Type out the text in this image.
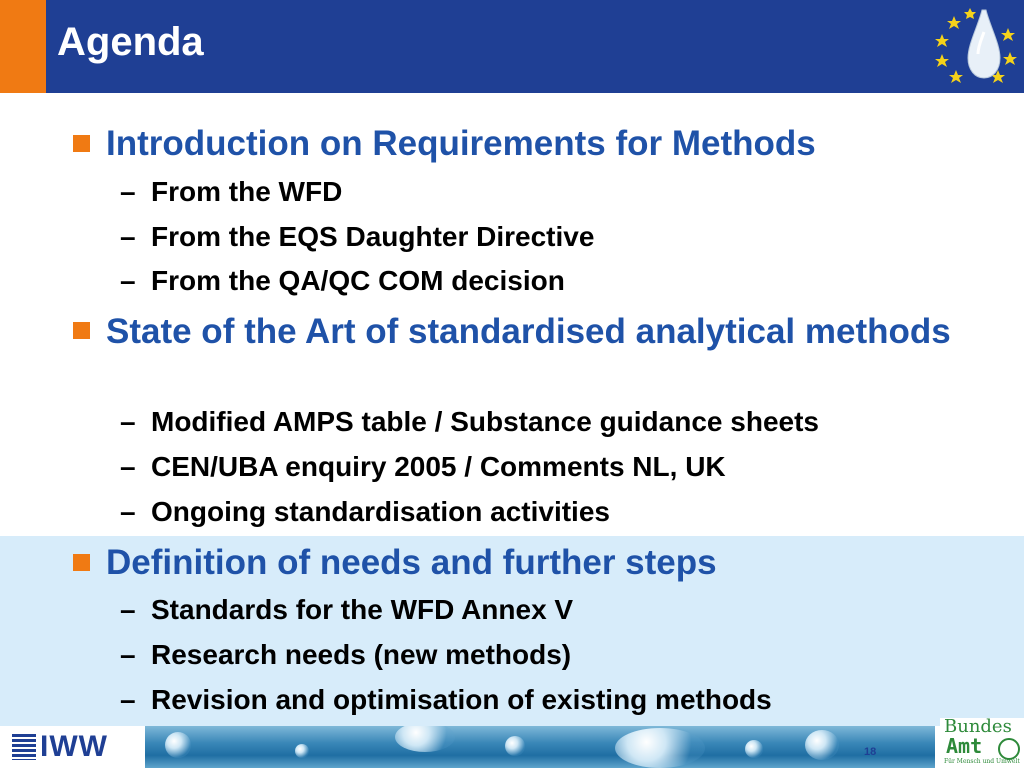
Agenda
Introduction on Requirements for Methods
– From the WFD
– From the EQS Daughter Directive
– From the QA/QC COM decision
State of the Art of standardised analytical methods
– Modified AMPS table / Substance guidance sheets
– CEN/UBA enquiry 2005 / Comments NL, UK
– Ongoing standardisation activities
Definition of needs and further steps
– Standards for the WFD Annex V
– Research needs (new methods)
– Revision and optimisation of existing methods
IWW	18
Bundes
Amt
Für Mensch und Umwelt
